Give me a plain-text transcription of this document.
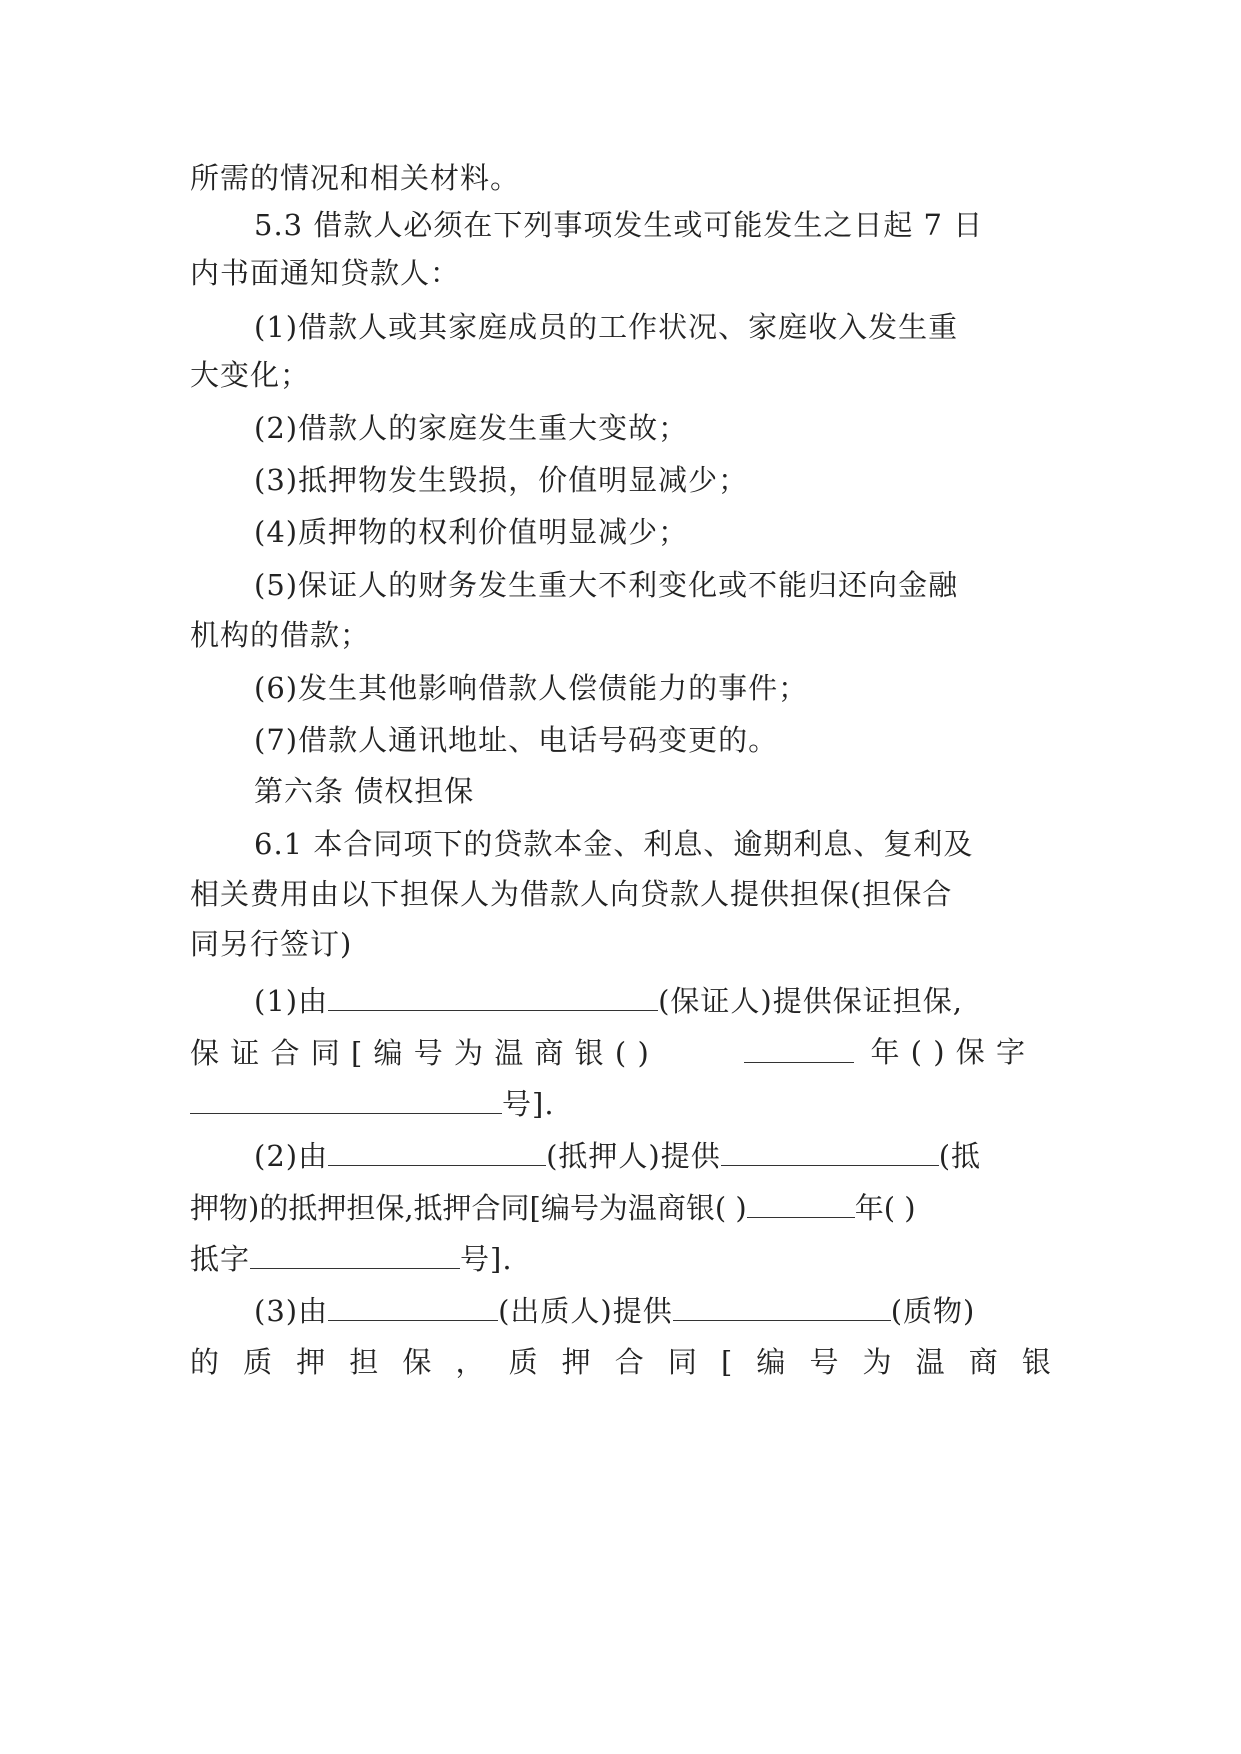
所需的情况和相关材料。
5.3 借款人必须在下列事项发生或可能发生之日起 7 日
内书面通知贷款人：
(1)借款人或其家庭成员的工作状况、家庭收入发生重
大变化；
(2)借款人的家庭发生重大变故；
(3)抵押物发生毁损，价值明显减少；
(4)质押物的权利价值明显减少；
(5)保证人的财务发生重大不利变化或不能归还向金融
机构的借款；
(6)发生其他影响借款人偿债能力的事件；
(7)借款人通讯地址、电话号码变更的。
第六条 债权担保
6.1 本合同项下的贷款本金、利息、逾期利息、复利及
相关费用由以下担保人为借款人向贷款人提供担保(担保合
同另行签订)
(1)由	(保证人)提供保证担保,
保 证 合 同 [ 编 号 为 温 商 银 ( )	年 ( ) 保 字
号].
(2)由	(抵押人)提供	(抵
押物)的抵押担保,抵押合同[编号为温商银( )	年( )
抵字	号].
(3)由	(出质人)提供	(质物)
的 质 押 担 保 ， 质 押 合 同 [ 编 号 为 温 商 银
